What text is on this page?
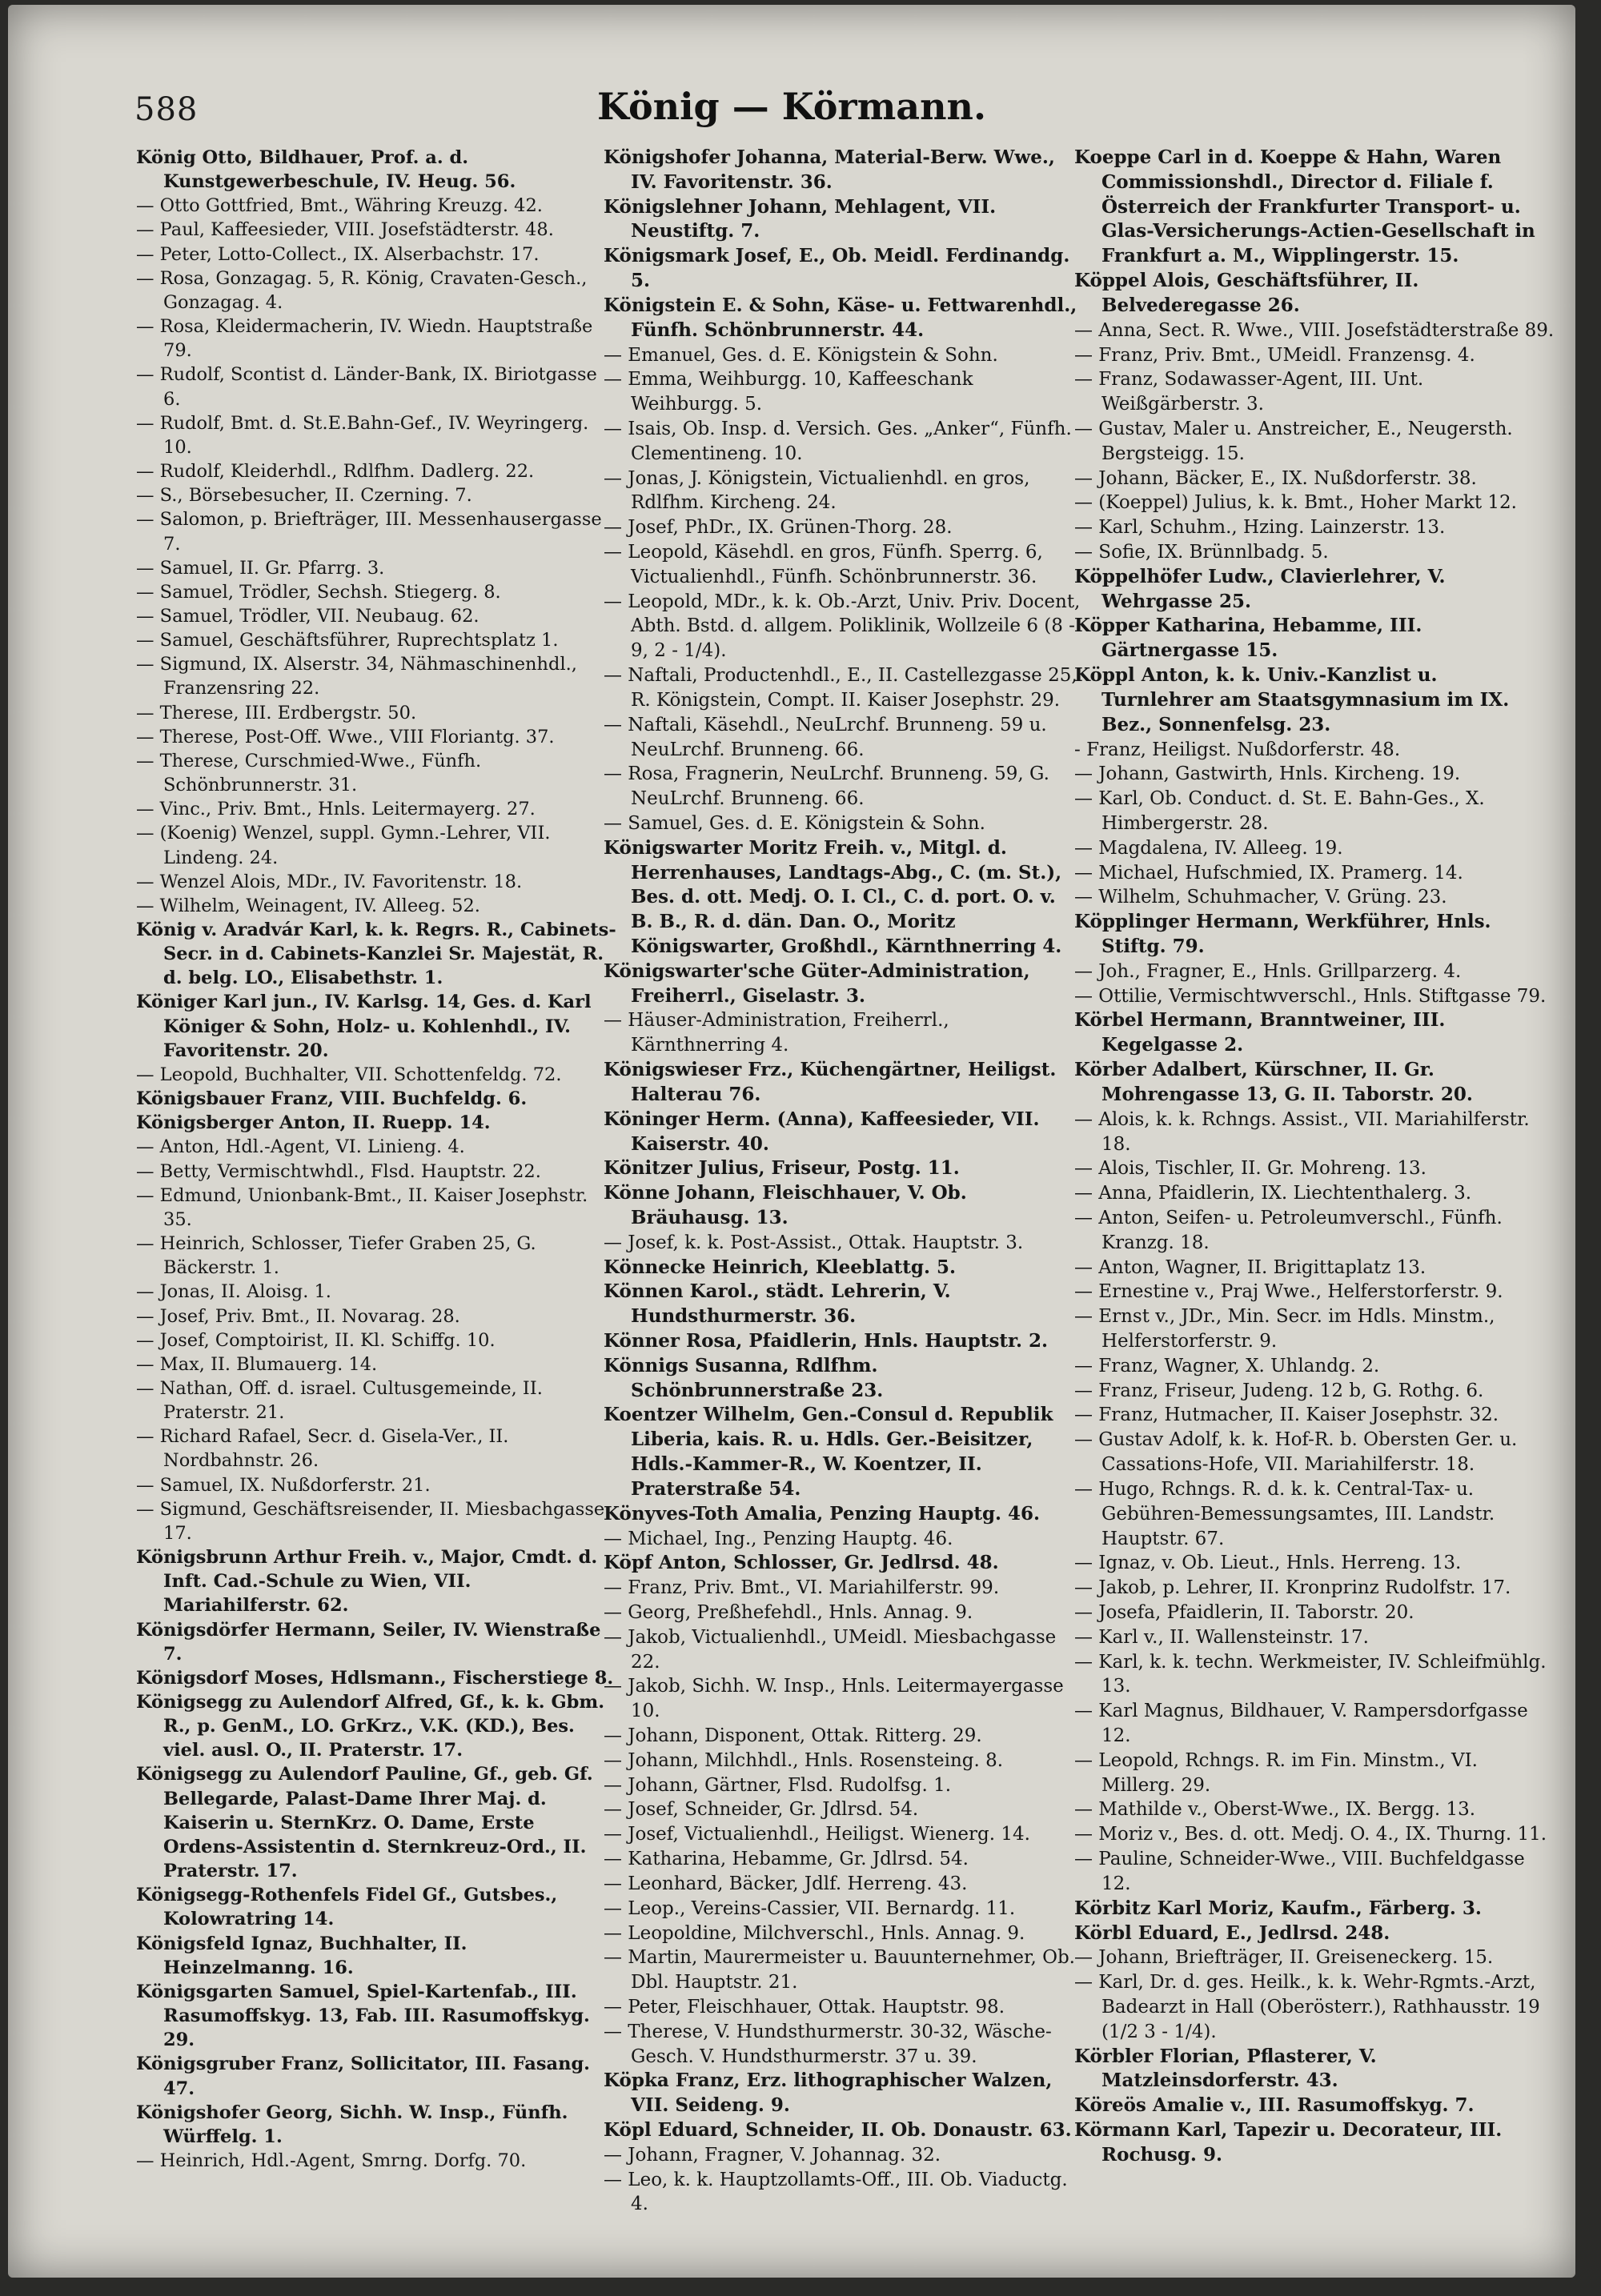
588	König — Körmann.
König Otto, Bildhauer, Prof. a. d. Kunstgewerbeschule, IV. Heug. 56.
— Otto Gottfried, Bmt., Währing Kreuzg. 42.
— Paul, Kaffeesieder, VIII. Josefstädterstr. 48.
— Peter, Lotto-Collect., IX. Alserbachstr. 17.
— Rosa, Gonzagag. 5, R. König, Cravaten-Gesch., Gonzagag. 4.
— Rosa, Kleidermacherin, IV. Wiedn. Hauptstraße 79.
— Rudolf, Scontist d. Länder-Bank, IX. Biriotgasse 6.
— Rudolf, Bmt. d. St.E.Bahn-Gef., IV. Weyringerg. 10.
— Rudolf, Kleiderhdl., Rdlfhm. Dadlerg. 22.
— S., Börsebesucher, II. Czerning. 7.
— Salomon, p. Briefträger, III. Messenhausergasse 7.
— Samuel, II. Gr. Pfarrg. 3.
— Samuel, Trödler, Sechsh. Stiegerg. 8.
— Samuel, Trödler, VII. Neubaug. 62.
— Samuel, Geschäftsführer, Ruprechtsplatz 1.
— Sigmund, IX. Alserstr. 34, Nähmaschinenhdl., Franzensring 22.
— Therese, III. Erdbergstr. 50.
— Therese, Post-Off. Wwe., VIII Floriantg. 37.
— Therese, Curschmied-Wwe., Fünfh. Schönbrunnerstr. 31.
— Vinc., Priv. Bmt., Hnls. Leitermayerg. 27.
— (Koenig) Wenzel, suppl. Gymn.-Lehrer, VII. Lindeng. 24.
— Wenzel Alois, MDr., IV. Favoritenstr. 18.
— Wilhelm, Weinagent, IV. Alleeg. 52.
König v. Aradvár Karl, k. k. Regrs. R., Cabinets-Secr. in d. Cabinets-Kanzlei Sr. Majestät, R. d. belg. LO., Elisabethstr. 1.
Königer Karl jun., IV. Karlsg. 14, Ges. d. Karl Königer & Sohn, Holz- u. Kohlenhdl., IV. Favoritenstr. 20.
— Leopold, Buchhalter, VII. Schottenfeldg. 72.
Königsbauer Franz, VIII. Buchfeldg. 6.
Königsberger Anton, II. Ruepp. 14.
— Anton, Hdl.-Agent, VI. Linieng. 4.
— Betty, Vermischtwhdl., Flsd. Hauptstr. 22.
— Edmund, Unionbank-Bmt., II. Kaiser Josephstr. 35.
— Heinrich, Schlosser, Tiefer Graben 25, G. Bäckerstr. 1.
— Jonas, II. Aloisg. 1.
— Josef, Priv. Bmt., II. Novarag. 28.
— Josef, Comptoirist, II. Kl. Schiffg. 10.
— Max, II. Blumauerg. 14.
— Nathan, Off. d. israel. Cultusgemeinde, II. Praterstr. 21.
— Richard Rafael, Secr. d. Gisela-Ver., II. Nordbahnstr. 26.
— Samuel, IX. Nußdorferstr. 21.
— Sigmund, Geschäftsreisender, II. Miesbachgasse 17.
Königsbrunn Arthur Freih. v., Major, Cmdt. d. Inft. Cad.-Schule zu Wien, VII. Mariahilferstr. 62.
Königsdörfer Hermann, Seiler, IV. Wienstraße 7.
Königsdorf Moses, Hdlsmann., Fischerstiege 8.
Königsegg zu Aulendorf Alfred, Gf., k. k. Gbm. R., p. GenM., LO. GrKrz., V.K. (KD.), Bes. viel. ausl. O., II. Praterstr. 17.
Königsegg zu Aulendorf Pauline, Gf., geb. Gf. Bellegarde, Palast-Dame Ihrer Maj. d. Kaiserin u. SternKrz. O. Dame, Erste Ordens-Assistentin d. Sternkreuz-Ord., II. Praterstr. 17.
Königsegg-Rothenfels Fidel Gf., Gutsbes., Kolowratring 14.
Königsfeld Ignaz, Buchhalter, II. Heinzelmanng. 16.
Königsgarten Samuel, Spiel-Kartenfab., III. Rasumoffskyg. 13, Fab. III. Rasumoffskyg. 29.
Königsgruber Franz, Sollicitator, III. Fasang. 47.
Königshofer Georg, Sichh. W. Insp., Fünfh. Würffelg. 1.
— Heinrich, Hdl.-Agent, Smrng. Dorfg. 70.
Königshofer Johanna, Material-Berw. Wwe., IV. Favoritenstr. 36.
Königslehner Johann, Mehlagent, VII. Neustiftg. 7.
Königsmark Josef, E., Ob. Meidl. Ferdinandg. 5.
Königstein E. & Sohn, Käse- u. Fettwarenhdl., Fünfh. Schönbrunnerstr. 44.
— Emanuel, Ges. d. E. Königstein & Sohn.
— Emma, Weihburgg. 10, Kaffeeschank Weihburgg. 5.
— Isais, Ob. Insp. d. Versich. Ges. „Anker“, Fünfh. Clementineng. 10.
— Jonas, J. Königstein, Victualienhdl. en gros, Rdlfhm. Kircheng. 24.
— Josef, PhDr., IX. Grünen-Thorg. 28.
— Leopold, Käsehdl. en gros, Fünfh. Sperrg. 6, Victualienhdl., Fünfh. Schönbrunnerstr. 36.
— Leopold, MDr., k. k. Ob.-Arzt, Univ. Priv. Docent, Abth. Bstd. d. allgem. Poliklinik, Wollzeile 6 (8 - 9, 2 - 1/4).
— Naftali, Productenhdl., E., II. Castellezgasse 25, R. Königstein, Compt. II. Kaiser Josephstr. 29.
— Naftali, Käsehdl., NeuLrchf. Brunneng. 59 u. NeuLrchf. Brunneng. 66.
— Rosa, Fragnerin, NeuLrchf. Brunneng. 59, G. NeuLrchf. Brunneng. 66.
— Samuel, Ges. d. E. Königstein & Sohn.
Königswarter Moritz Freih. v., Mitgl. d. Herrenhauses, Landtags-Abg., C. (m. St.), Bes. d. ott. Medj. O. I. Cl., C. d. port. O. v. B. B., R. d. dän. Dan. O., Moritz Königswarter, Großhdl., Kärnthnerring 4.
Königswarter'sche Güter-Administration, Freiherrl., Giselastr. 3.
— Häuser-Administration, Freiherrl., Kärnthnerring 4.
Königswieser Frz., Küchengärtner, Heiligst. Halterau 76.
Köninger Herm. (Anna), Kaffeesieder, VII. Kaiserstr. 40.
Könitzer Julius, Friseur, Postg. 11.
Könne Johann, Fleischhauer, V. Ob. Bräuhausg. 13.
— Josef, k. k. Post-Assist., Ottak. Hauptstr. 3.
Könnecke Heinrich, Kleeblattg. 5.
Können Karol., städt. Lehrerin, V. Hundsthurmerstr. 36.
Könner Rosa, Pfaidlerin, Hnls. Hauptstr. 2.
Könnigs Susanna, Rdlfhm. Schönbrunnerstraße 23.
Koentzer Wilhelm, Gen.-Consul d. Republik Liberia, kais. R. u. Hdls. Ger.-Beisitzer, Hdls.-Kammer-R., W. Koentzer, II. Praterstraße 54.
Könyves-Toth Amalia, Penzing Hauptg. 46.
— Michael, Ing., Penzing Hauptg. 46.
Köpf Anton, Schlosser, Gr. Jedlrsd. 48.
— Franz, Priv. Bmt., VI. Mariahilferstr. 99.
— Georg, Preßhefehdl., Hnls. Annag. 9.
— Jakob, Victualienhdl., UMeidl. Miesbachgasse 22.
— Jakob, Sichh. W. Insp., Hnls. Leitermayergasse 10.
— Johann, Disponent, Ottak. Ritterg. 29.
— Johann, Milchhdl., Hnls. Rosensteing. 8.
— Johann, Gärtner, Flsd. Rudolfsg. 1.
— Josef, Schneider, Gr. Jdlrsd. 54.
— Josef, Victualienhdl., Heiligst. Wienerg. 14.
— Katharina, Hebamme, Gr. Jdlrsd. 54.
— Leonhard, Bäcker, Jdlf. Herreng. 43.
— Leop., Vereins-Cassier, VII. Bernardg. 11.
— Leopoldine, Milchverschl., Hnls. Annag. 9.
— Martin, Maurermeister u. Bauunternehmer, Ob. Dbl. Hauptstr. 21.
— Peter, Fleischhauer, Ottak. Hauptstr. 98.
— Therese, V. Hundsthurmerstr. 30-32, Wäsche-Gesch. V. Hundsthurmerstr. 37 u. 39.
Köpka Franz, Erz. lithographischer Walzen, VII. Seideng. 9.
Köpl Eduard, Schneider, II. Ob. Donaustr. 63.
— Johann, Fragner, V. Johannag. 32.
— Leo, k. k. Hauptzollamts-Off., III. Ob. Viaductg. 4.
Koeppe Carl in d. Koeppe & Hahn, Waren Commissionshdl., Director d. Filiale f. Österreich der Frankfurter Transport- u. Glas-Versicherungs-Actien-Gesellschaft in Frankfurt a. M., Wipplingerstr. 15.
Köppel Alois, Geschäftsführer, II. Belvederegasse 26.
— Anna, Sect. R. Wwe., VIII. Josefstädterstraße 89.
— Franz, Priv. Bmt., UMeidl. Franzensg. 4.
— Franz, Sodawasser-Agent, III. Unt. Weißgärberstr. 3.
— Gustav, Maler u. Anstreicher, E., Neugersth. Bergsteigg. 15.
— Johann, Bäcker, E., IX. Nußdorferstr. 38.
— (Koeppel) Julius, k. k. Bmt., Hoher Markt 12.
— Karl, Schuhm., Hzing. Lainzerstr. 13.
— Sofie, IX. Brünnlbadg. 5.
Köppelhöfer Ludw., Clavierlehrer, V. Wehrgasse 25.
Köpper Katharina, Hebamme, III. Gärtnergasse 15.
Köppl Anton, k. k. Univ.-Kanzlist u. Turnlehrer am Staatsgymnasium im IX. Bez., Sonnenfelsg. 23.
- Franz, Heiligst. Nußdorferstr. 48.
— Johann, Gastwirth, Hnls. Kircheng. 19.
— Karl, Ob. Conduct. d. St. E. Bahn-Ges., X. Himbergerstr. 28.
— Magdalena, IV. Alleeg. 19.
— Michael, Hufschmied, IX. Pramerg. 14.
— Wilhelm, Schuhmacher, V. Grüng. 23.
Köpplinger Hermann, Werkführer, Hnls. Stiftg. 79.
— Joh., Fragner, E., Hnls. Grillparzerg. 4.
— Ottilie, Vermischtwverschl., Hnls. Stiftgasse 79.
Körbel Hermann, Branntweiner, III. Kegelgasse 2.
Körber Adalbert, Kürschner, II. Gr. Mohrengasse 13, G. II. Taborstr. 20.
— Alois, k. k. Rchngs. Assist., VII. Mariahilferstr. 18.
— Alois, Tischler, II. Gr. Mohreng. 13.
— Anna, Pfaidlerin, IX. Liechtenthalerg. 3.
— Anton, Seifen- u. Petroleumverschl., Fünfh. Kranzg. 18.
— Anton, Wagner, II. Brigittaplatz 13.
— Ernestine v., Praj Wwe., Helferstorferstr. 9.
— Ernst v., JDr., Min. Secr. im Hdls. Minstm., Helferstorferstr. 9.
— Franz, Wagner, X. Uhlandg. 2.
— Franz, Friseur, Judeng. 12 b, G. Rothg. 6.
— Franz, Hutmacher, II. Kaiser Josephstr. 32.
— Gustav Adolf, k. k. Hof-R. b. Obersten Ger. u. Cassations-Hofe, VII. Mariahilferstr. 18.
— Hugo, Rchngs. R. d. k. k. Central-Tax- u. Gebühren-Bemessungsamtes, III. Landstr. Hauptstr. 67.
— Ignaz, v. Ob. Lieut., Hnls. Herreng. 13.
— Jakob, p. Lehrer, II. Kronprinz Rudolfstr. 17.
— Josefa, Pfaidlerin, II. Taborstr. 20.
— Karl v., II. Wallensteinstr. 17.
— Karl, k. k. techn. Werkmeister, IV. Schleifmühlg. 13.
— Karl Magnus, Bildhauer, V. Rampersdorfgasse 12.
— Leopold, Rchngs. R. im Fin. Minstm., VI. Millerg. 29.
— Mathilde v., Oberst-Wwe., IX. Bergg. 13.
— Moriz v., Bes. d. ott. Medj. O. 4., IX. Thurng. 11.
— Pauline, Schneider-Wwe., VIII. Buchfeldgasse 12.
Körbitz Karl Moriz, Kaufm., Färberg. 3.
Körbl Eduard, E., Jedlrsd. 248.
— Johann, Briefträger, II. Greiseneckerg. 15.
— Karl, Dr. d. ges. Heilk., k. k. Wehr-Rgmts.-Arzt, Badearzt in Hall (Oberösterr.), Rathhausstr. 19 (1/2 3 - 1/4).
Körbler Florian, Pflasterer, V. Matzleinsdorferstr. 43.
Köreös Amalie v., III. Rasumoffskyg. 7.
Körmann Karl, Tapezir u. Decorateur, III. Rochusg. 9.
